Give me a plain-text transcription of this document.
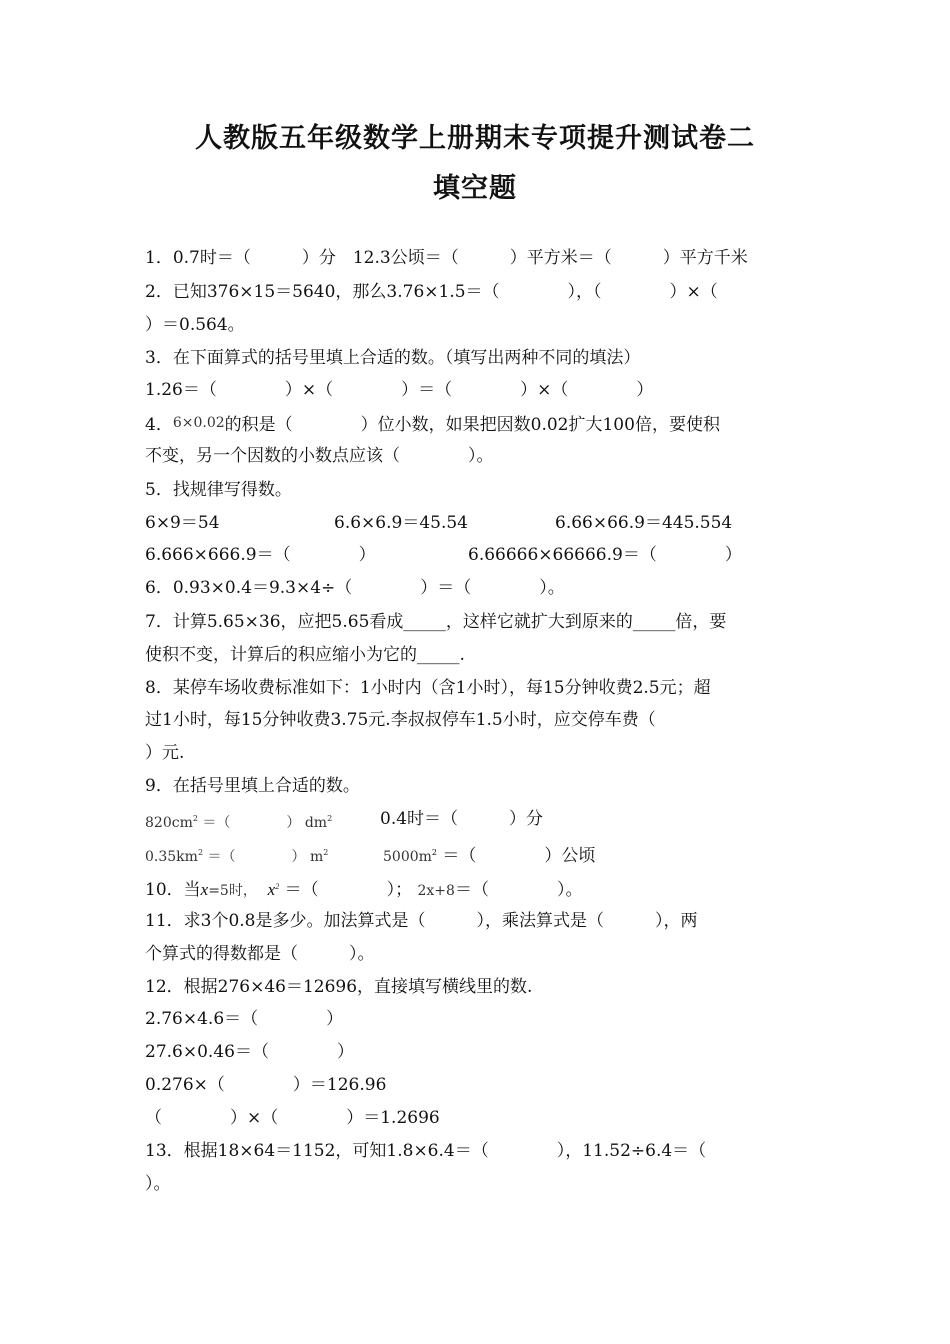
人教版五年级数学上册期末专项提升测试卷二
填空题
1．0.7时＝（　　　）分　12.3公顷＝（　　　）平方米＝（　　　）平方千米
2．已知376×15＝5640，那么3.76×1.5＝（　　　　），（　　　　）×（
）＝0.564。
3．在下面算式的括号里填上合适的数。（填写出两种不同的填法）
1.26＝（　　　　）×（　　　　）＝（　　　　）×（　　　　）
4．6×0.02的积是（　　　　）位小数，如果把因数0.02扩大100倍，要使积
不变，另一个因数的小数点应该（　　　　）。
5．找规律写得数。
6×9＝54	6.6×6.9＝45.54	6.66×66.9＝445.554
6.666×666.9＝（　　　　）	6.66666×66666.9＝（　　　　）
6．0.93×0.4＝9.3×4÷（　　　　）＝（　　　　）。
7．计算5.65×36，应把5.65看成_____，这样它就扩大到原来的_____倍，要
使积不变，计算后的积应缩小为它的_____.
8．某停车场收费标准如下：1小时内（含1小时），每15分钟收费2.5元；超
过1小时，每15分钟收费3.75元.李叔叔停车1.5小时，应交停车费（
）元.
9．在括号里填上合适的数。
$820cm^2$ ＝（　　　　） $dm^2$	0.4时＝（　　　）分
$0.35km^2$ ＝（　　　　） $m^2$	$5000m^2$ ＝（　　　　）公顷
10．当x=5时， $x^2$ ＝（　　　　）； 2x+8＝（　　　　）。
11．求3个0.8是多少。加法算式是（　　　），乘法算式是（　　　），两
个算式的得数都是（　　　）。
12．根据276×46＝12696，直接填写横线里的数.
2.76×4.6＝（　　　　）
27.6×0.46＝（　　　　）
0.276×（　　　　）＝126.96
（　　　　）×（　　　　）＝1.2696
13．根据18×64＝1152，可知1.8×6.4＝（　　　　），11.52÷6.4＝（
）。
